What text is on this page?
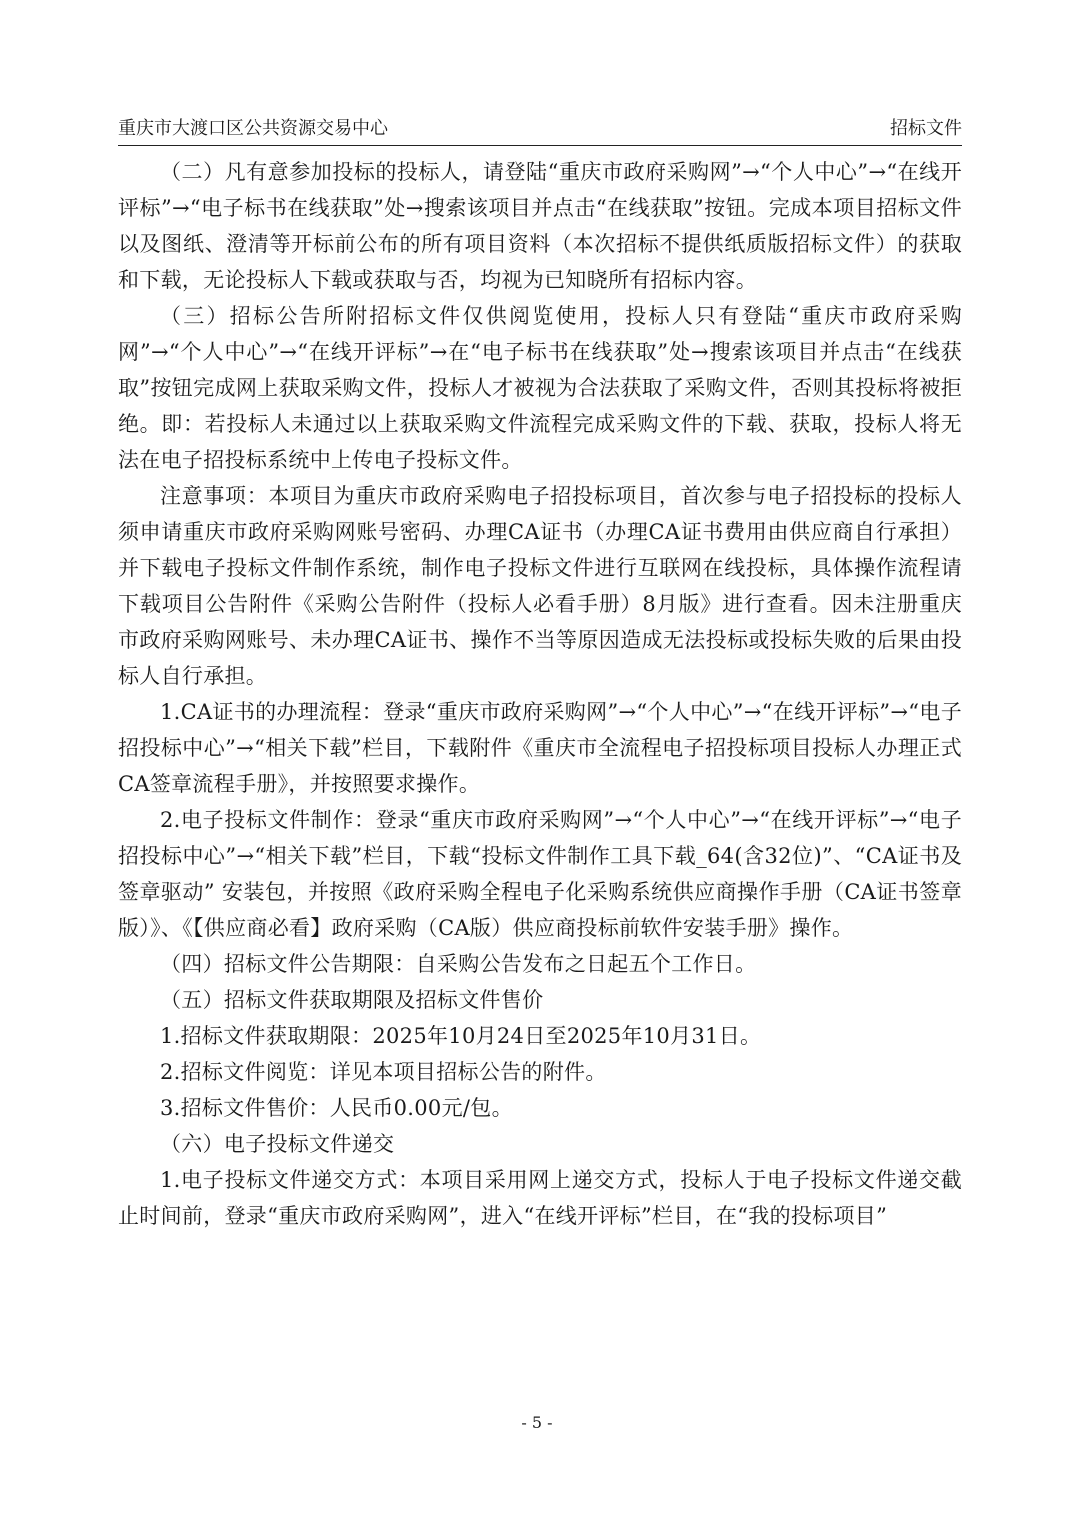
重庆市大渡口区公共资源交易中心	招标文件

（二）凡有意参加投标的投标人，请登陆“重庆市政府采购网”→“个人中心”→“在线开评标”→“电子标书在线获取”处→搜索该项目并点击“在线获取”按钮。完成本项目招标文件以及图纸、澄清等开标前公布的所有项目资料（本次招标不提供纸质版招标文件）的获取和下载，无论投标人下载或获取与否，均视为已知晓所有招标内容。

（三）招标公告所附招标文件仅供阅览使用，投标人只有登陆“重庆市政府采购网”→“个人中心”→“在线开评标”→在“电子标书在线获取”处→搜索该项目并点击“在线获取”按钮完成网上获取采购文件，投标人才被视为合法获取了采购文件，否则其投标将被拒绝。即：若投标人未通过以上获取采购文件流程完成采购文件的下载、获取，投标人将无法在电子招投标系统中上传电子投标文件。

注意事项：本项目为重庆市政府采购电子招投标项目，首次参与电子招投标的投标人须申请重庆市政府采购网账号密码、办理CA证书（办理CA证书费用由供应商自行承担）并下载电子投标文件制作系统，制作电子投标文件进行互联网在线投标，具体操作流程请下载项目公告附件《采购公告附件（投标人必看手册）8月版》进行查看。因未注册重庆市政府采购网账号、未办理CA证书、操作不当等原因造成无法投标或投标失败的后果由投标人自行承担。

1.CA证书的办理流程：登录“重庆市政府采购网”→“个人中心”→“在线开评标”→“电子招投标中心”→“相关下载”栏目，下载附件《重庆市全流程电子招投标项目投标人办理正式CA签章流程手册》，并按照要求操作。

2.电子投标文件制作：登录“重庆市政府采购网”→“个人中心”→“在线开评标”→“电子招投标中心”→“相关下载”栏目，下载“投标文件制作工具下载_64(含32位)”、“CA证书及签章驱动” 安装包，并按照《政府采购全程电子化采购系统供应商操作手册（CA证书签章版）》、《【供应商必看】政府采购（CA版）供应商投标前软件安装手册》操作。

（四）招标文件公告期限：自采购公告发布之日起五个工作日。

（五）招标文件获取期限及招标文件售价

1.招标文件获取期限：2025年10月24日至2025年10月31日。

2.招标文件阅览：详见本项目招标公告的附件。

3.招标文件售价：人民币0.00元/包。

（六）电子投标文件递交

1.电子投标文件递交方式：本项目采用网上递交方式，投标人于电子投标文件递交截止时间前，登录“重庆市政府采购网”，进入“在线开评标”栏目，在“我的投标项目”

- 5 -
